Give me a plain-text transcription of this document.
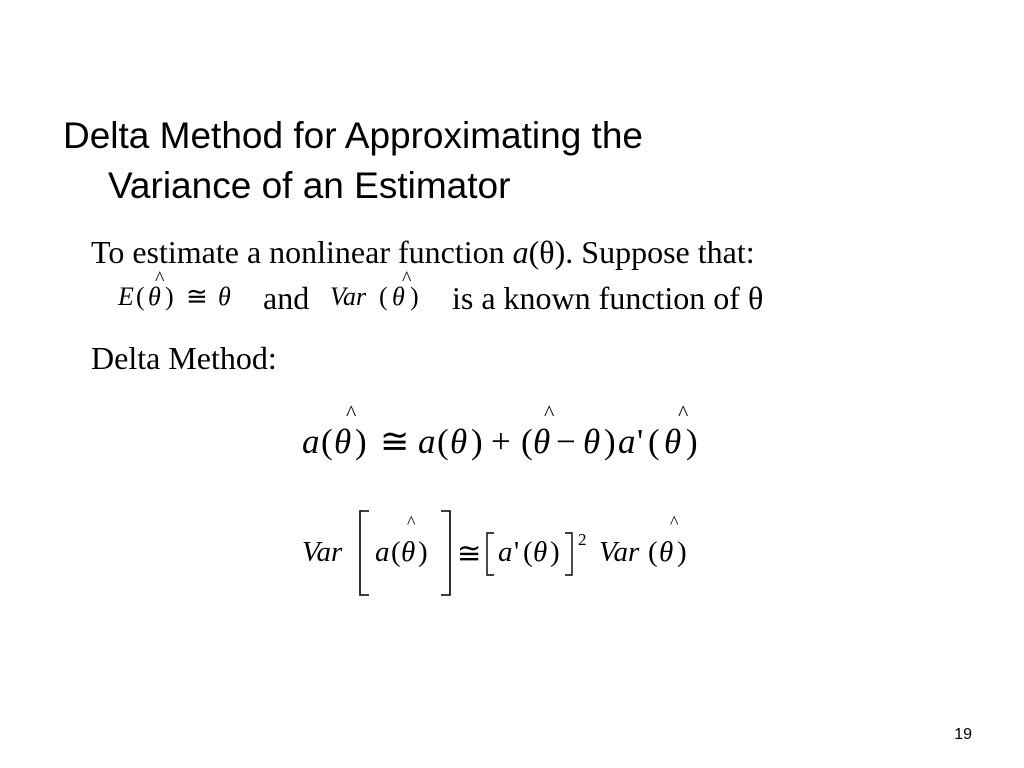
Delta Method for Approximating the
Variance of an Estimator
To estimate a nonlinear function a(θ). Suppose that:
^
E ( θ ) ≅ θ and
^
Var ( θ ) is a known function of θ
Delta Method:
^
a ( θ ) ≅ a ( θ ) + (
^
θ − θ ) a ' (
^
θ )
Var
^
a ( θ ) ≅ a ' ( θ ) 2
^
Var ( θ )
19
